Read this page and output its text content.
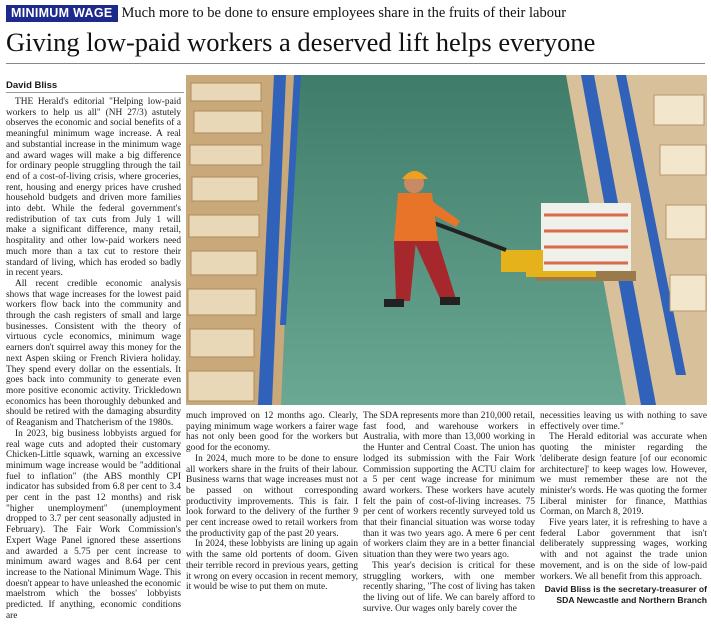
MINIMUM WAGE Much more to be done to ensure employees share in the fruits of their labour
Giving low-paid workers a deserved lift helps everyone
David Bliss

THE Herald's editorial "Helping low-paid workers to help us all" (NH 27/3) astutely observes the economic and social benefits of a meaningful minimum wage increase. A real and substantial increase in the minimum wage and award wages will make a big difference for ordinary people struggling through the tail end of a cost-of-living crisis, where groceries, rent, housing and energy prices have crushed household budgets and driven more families into debt. While the federal government's redistribution of tax cuts from July 1 will make a significant difference, many retail, hospitality and other low-paid workers need much more than a tax cut to restore their standard of living, which has eroded so badly in recent years.

All recent credible economic analysis shows that wage increases for the lowest paid workers flow back into the community and through the cash registers of small and large businesses. Consistent with the theory of virtuous cycle economics, minimum wage earners don't squirrel away this money for the next Aspen skiing or French Riviera holiday. They spend every dollar on the essentials. It goes back into community to generate even more positive economic activity. Trickledown economics has been thoroughly debunked and should be retired with the damaging absurdity of Reaganism and Thatcherism of the 1980s.

In 2023, big business lobbyists argued for real wage cuts and adopted their customary Chicken-Little squawk, warning an excessive minimum wage increase would be "additional fuel to inflation" (the ABS monthly CPI indicator has subsided from 6.8 per cent to 3.4 per cent in the past 12 months) and risk "higher unemployment" (unemployment dropped to 3.7 per cent seasonally adjusted in February). The Fair Work Commission's Expert Wage Panel ignored these assertions and awarded a 5.75 per cent increase to minimum award wages and 8.64 per cent increase to the National Minimum Wage. This doesn't appear to have unleashed the economic maelstrom which the bosses' lobbyists predicted. If anything, economic conditions are

much improved on 12 months ago. Clearly, paying minimum wage workers a fairer wage has not only been good for the workers but good for the economy.

In 2024, much more to be done to ensure all workers share in the fruits of their labour. Business warns that wage increases must not be passed on without corresponding productivity improvements. This is fair. I look forward to the delivery of the further 9 per cent increase owed to retail workers from the productivity gap of the past 20 years.

In 2024, these lobbyists are lining up again with the same old portents of doom. Given their terrible record in previous years, getting it wrong on every occasion in recent memory, it would be wise to put them on mute.

The SDA represents more than 210,000 retail, fast food, and warehouse workers in Australia, with more than 13,000 working in the Hunter and Central Coast. The union has lodged its submission with the Fair Work Commission supporting the ACTU claim for a 5 per cent wage increase for minimum award workers. These workers have acutely felt the pain of cost-of-living increases. 75 per cent of workers recently surveyed told us that their financial situation was worse today than it was two years ago. A mere 6 per cent of workers claim they are in a better financial situation than they were two years ago.

This year's decision is critical for these struggling workers, with one member recently sharing, "The cost of living has taken the living out of life. We can barely afford to survive. Our wages only barely cover the

necessities leaving us with nothing to save effectively over time."

The Herald editorial was accurate when quoting the minister regarding the 'deliberate design feature [of our economic architecture]' to keep wages low. However, we must remember these are not the minister's words. He was quoting the former Liberal minister for finance, Matthias Corman, on March 8, 2019.

Five years later, it is refreshing to have a federal Labor government that isn't deliberately suppressing wages, working with and not against the trade union movement, and is on the side of low-paid workers. We all benefit from this approach.

David Bliss is the secretary-treasurer of
SDA Newcastle and Northern Branch
